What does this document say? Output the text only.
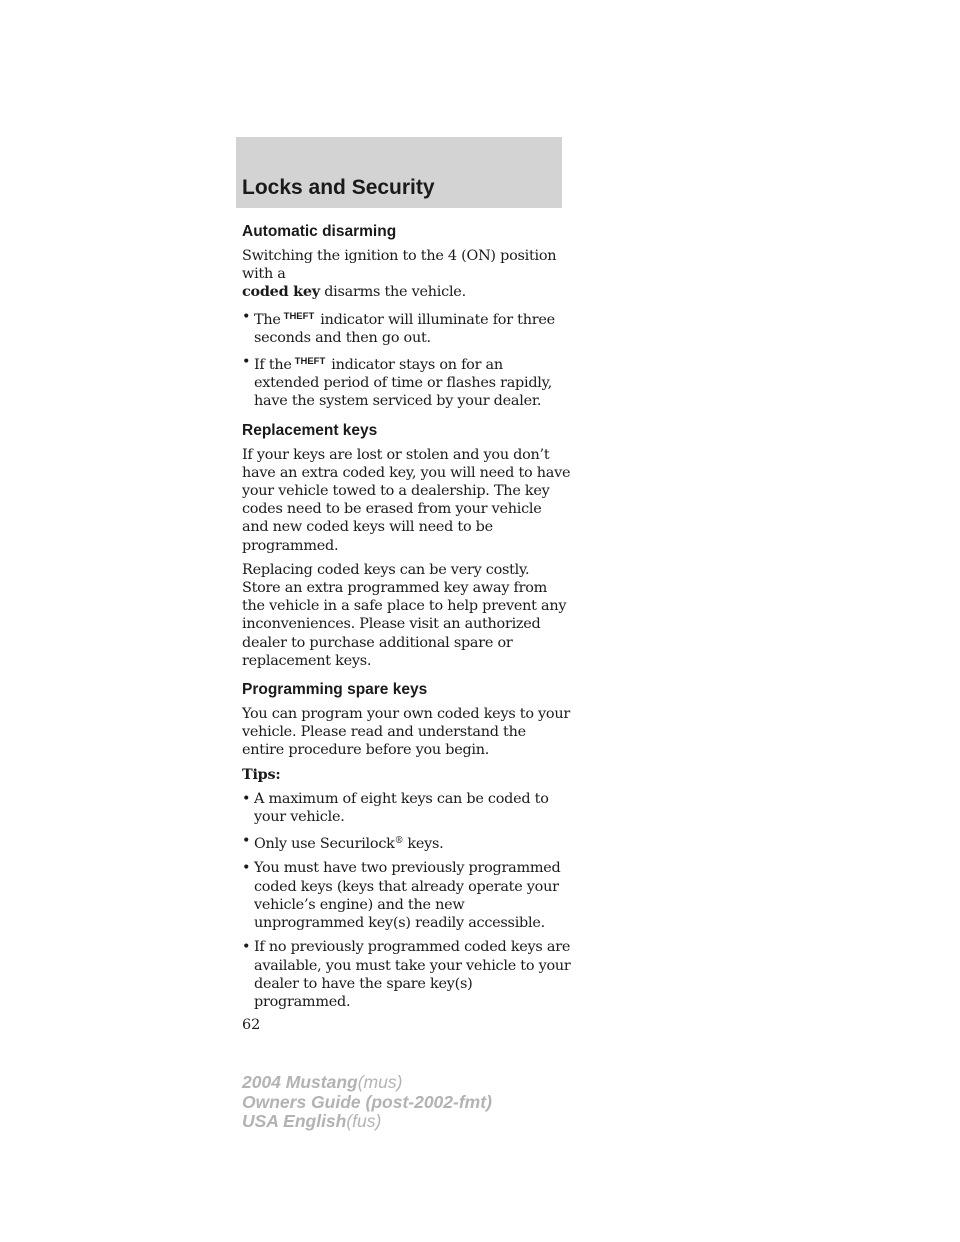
Locks and Security
Automatic disarming

Switching the ignition to the 4 (ON) position with a
coded key disarms the vehicle.

• The $^{THEFT}$ indicator will illuminate for three seconds and then go out.
• If the $^{THEFT}$ indicator stays on for an extended period of time or flashes rapidly, have the system serviced by your dealer.
Replacement keys

If your keys are lost or stolen and you don’t have an extra coded key, you will need to have your vehicle towed to a dealership. The key codes need to be erased from your vehicle and new coded keys will need to be programmed.

Replacing coded keys can be very costly. Store an extra programmed key away from the vehicle in a safe place to help prevent any inconveniences. Please visit an authorized dealer to purchase additional spare or replacement keys.

Programming spare keys

You can program your own coded keys to your vehicle. Please read and understand the entire procedure before you begin.

Tips:

• A maximum of eight keys can be coded to your vehicle.
• Only use Securilock® keys.
• You must have two previously programmed coded keys (keys that already operate your vehicle’s engine) and the new unprogrammed key(s) readily accessible.
• If no previously programmed coded keys are available, you must take your vehicle to your dealer to have the spare key(s) programmed.
62
2004 Mustang(mus)
Owners Guide (post-2002-fmt)
USA English(fus)
